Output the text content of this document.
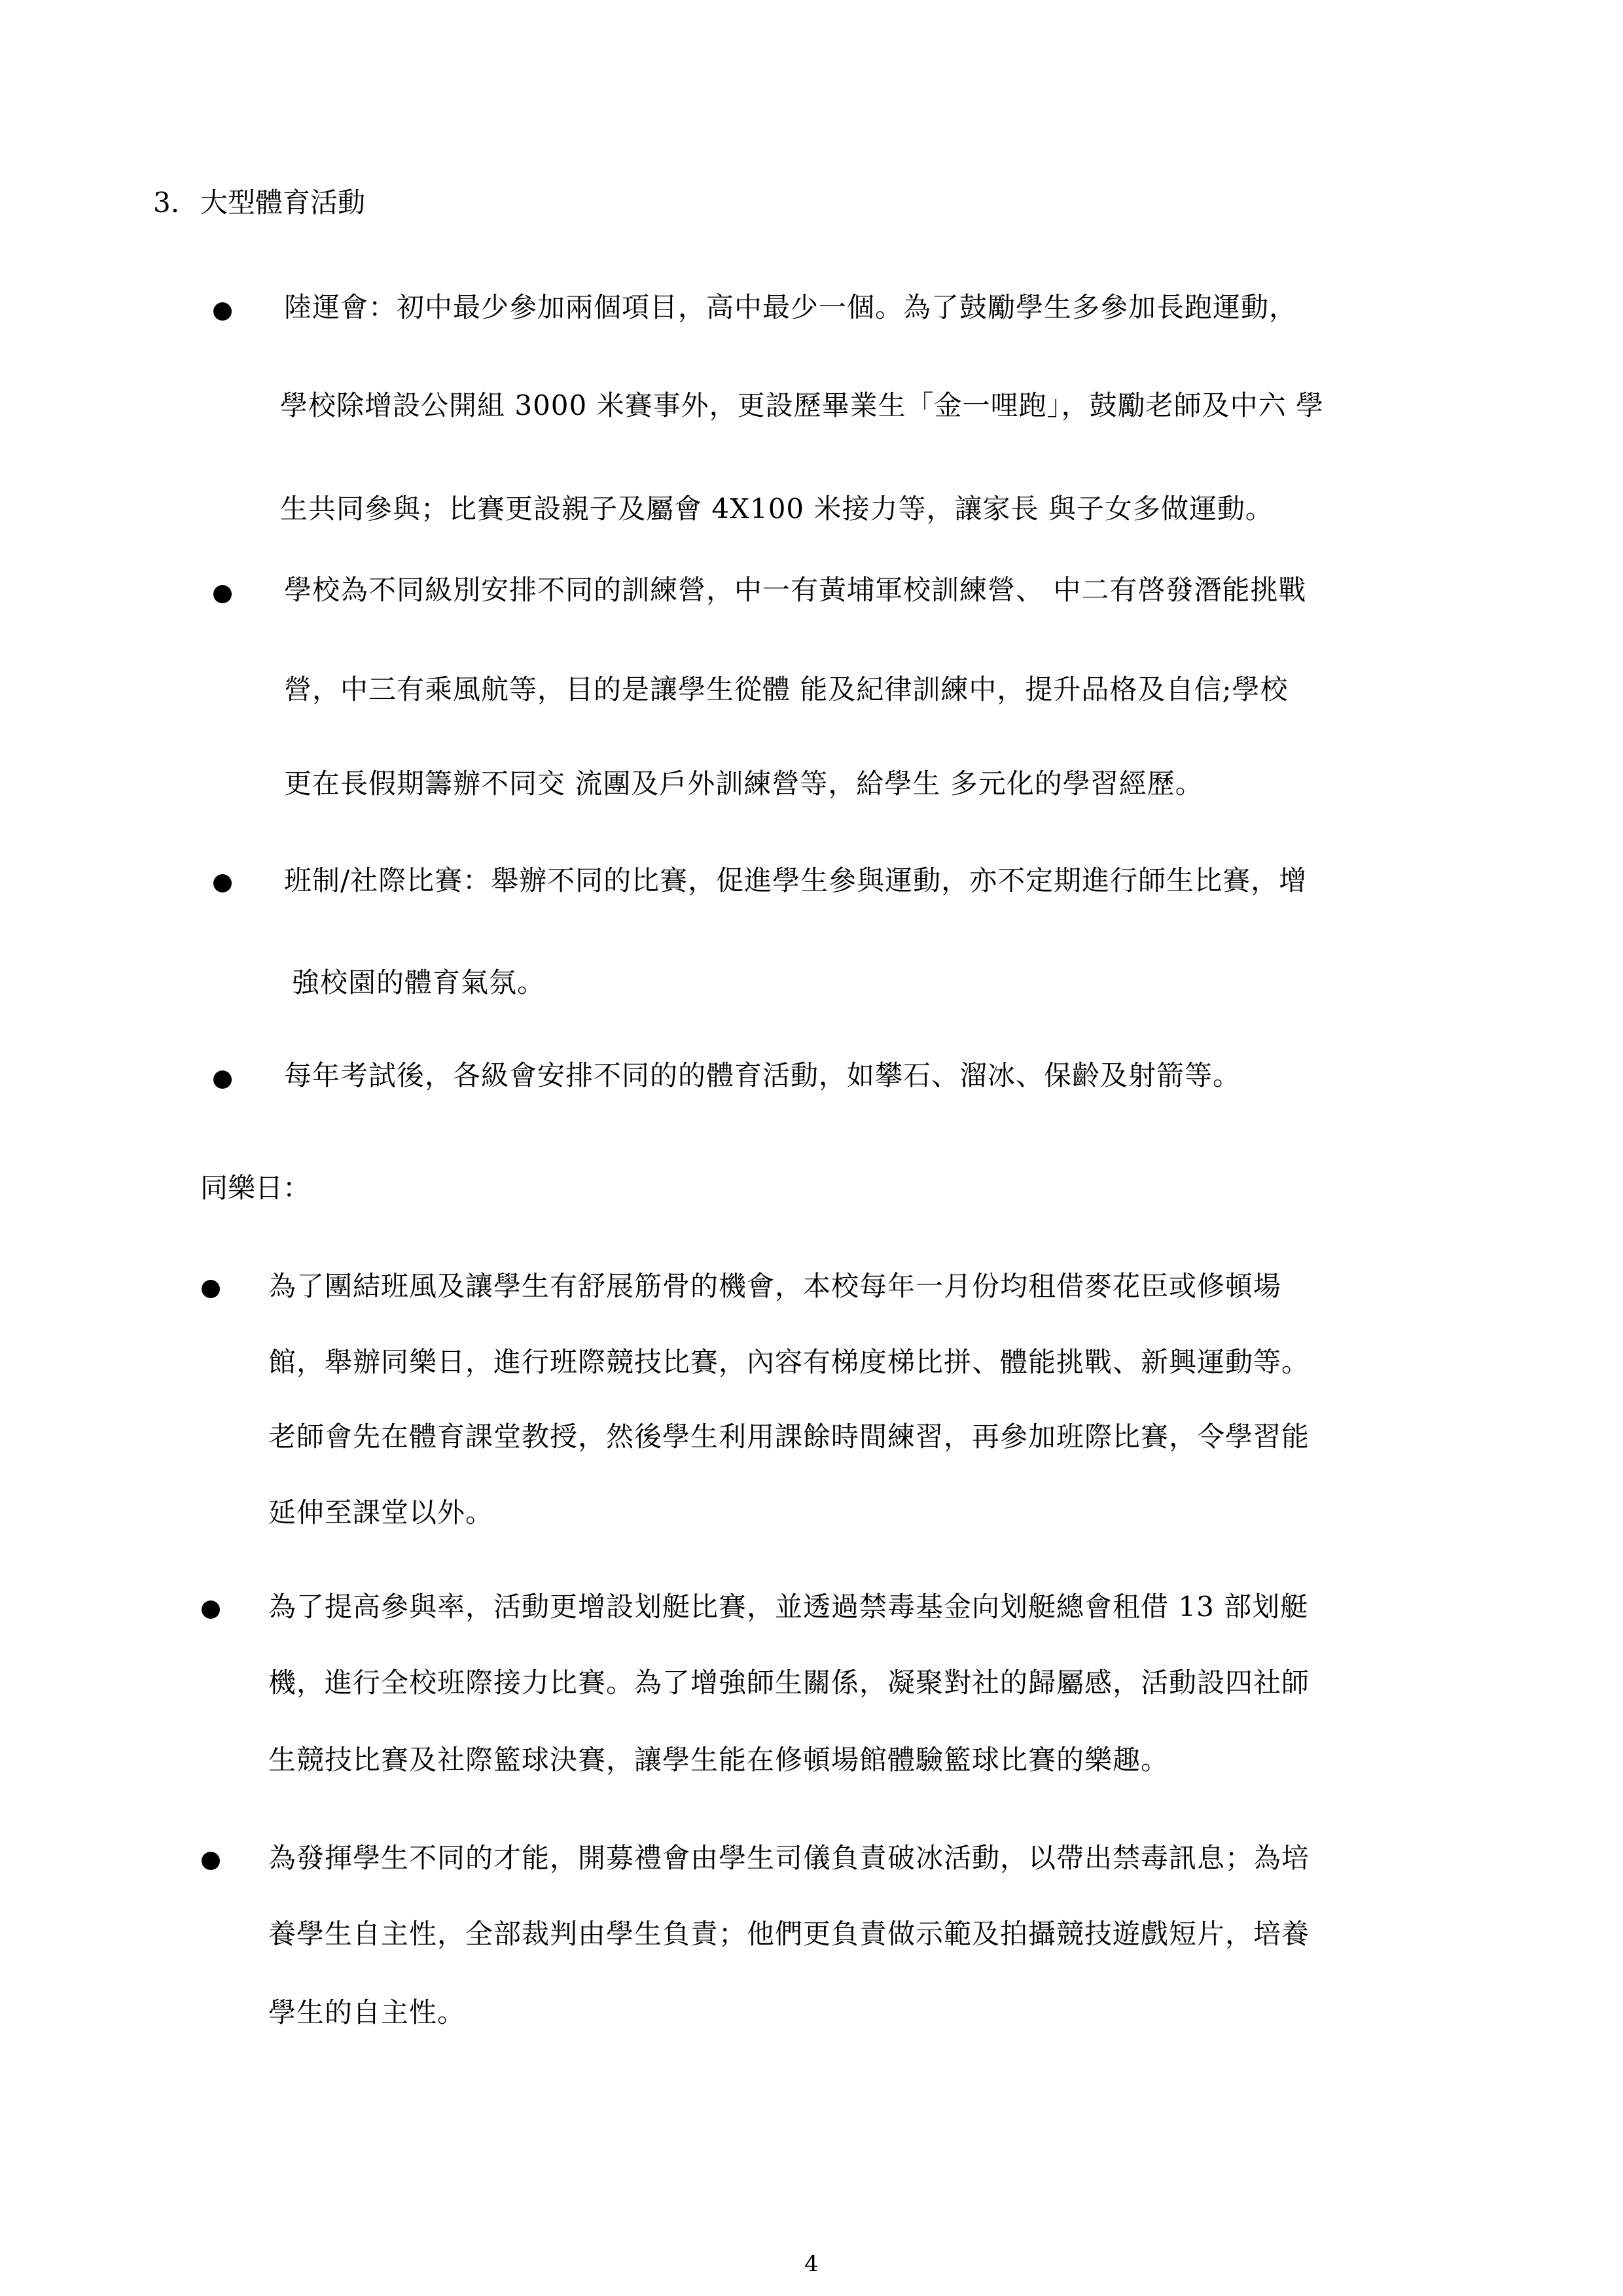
3. 大型體育活動
陸運會：初中最少參加兩個項目，高中最少一個。為了鼓勵學生多參加長跑運動，
學校除增設公開組 3000 米賽事外，更設歷畢業生「金一哩跑」，鼓勵老師及中六 學
生共同參與；比賽更設親子及屬會 4X100 米接力等，讓家長 與子女多做運動。
學校為不同級別安排不同的訓練營，中一有黃埔軍校訓練營、 中二有啓發潛能挑戰
營，中三有乘風航等，目的是讓學生從體 能及紀律訓練中，提升品格及自信;學校
更在長假期籌辦不同交 流團及戶外訓練營等，給學生 多元化的學習經歷。
班制/社際比賽：舉辦不同的比賽，促進學生參與運動，亦不定期進行師生比賽，增
強校園的體育氣氛。
每年考試後，各級會安排不同的的體育活動，如攀石、溜冰、保齡及射箭等。
同樂日：
為了團結班風及讓學生有舒展筋骨的機會，本校每年一月份均租借麥花臣或修頓場
館，舉辦同樂日，進行班際競技比賽，內容有梯度梯比拼、體能挑戰、新興運動等。
老師會先在體育課堂教授，然後學生利用課餘時間練習，再參加班際比賽，令學習能
延伸至課堂以外。
為了提高參與率，活動更增設划艇比賽，並透過禁毒基金向划艇總會租借 13 部划艇
機，進行全校班際接力比賽。為了增強師生關係，凝聚對社的歸屬感，活動設四社師
生競技比賽及社際籃球決賽，讓學生能在修頓場館體驗籃球比賽的樂趣。
為發揮學生不同的才能，開募禮會由學生司儀負責破冰活動，以帶出禁毒訊息；為培
養學生自主性，全部裁判由學生負責；他們更負責做示範及拍攝競技遊戲短片，培養
學生的自主性。
4
